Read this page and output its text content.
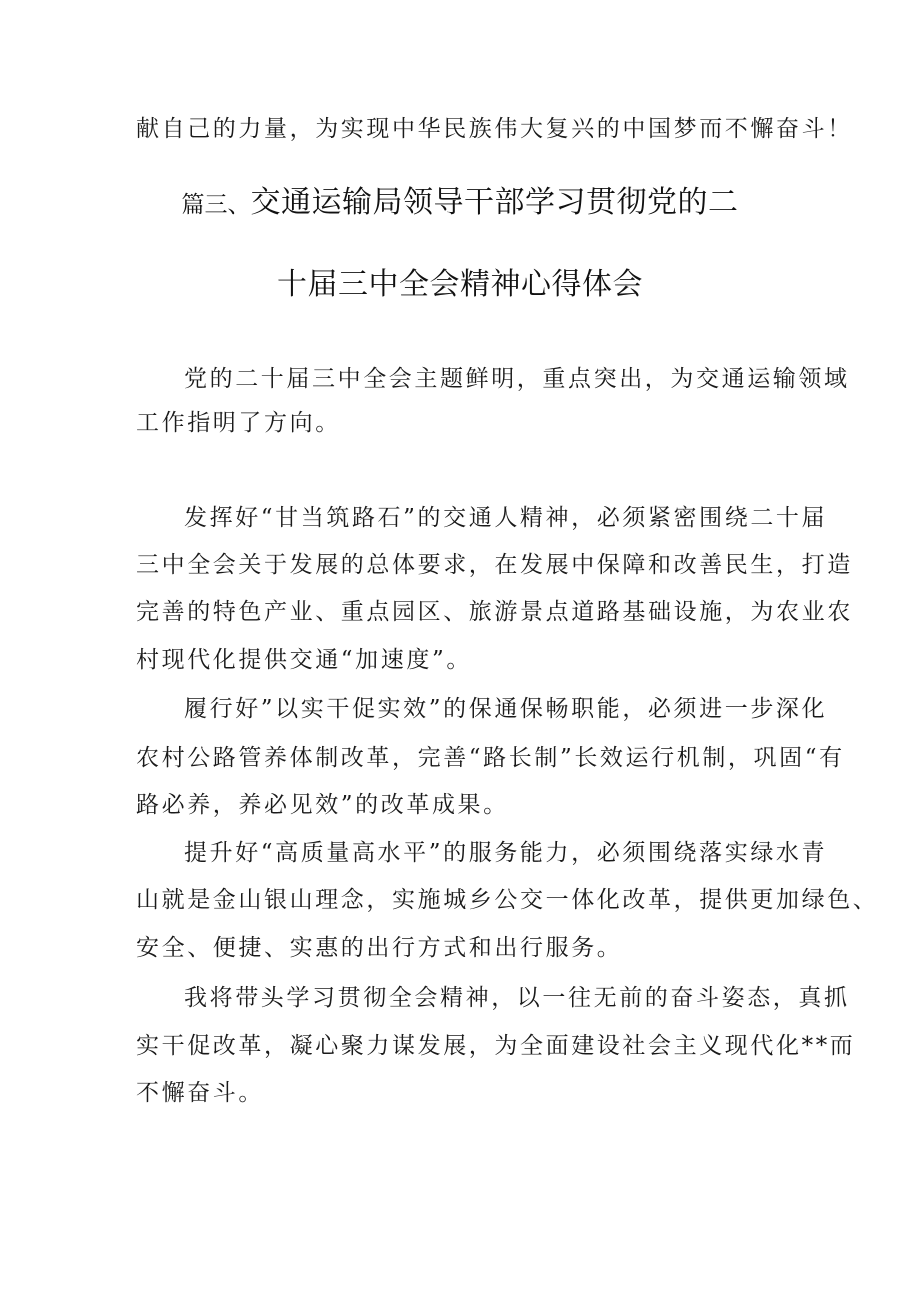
献自己的力量，为实现中华民族伟大复兴的中国梦而不懈奋斗！
篇三、交通运输局领导干部学习贯彻党的二
十届三中全会精神心得体会
党的二十届三中全会主题鲜明，重点突出，为交通运输领域
工作指明了方向。
发挥好“甘当筑路石”的交通人精神，必须紧密围绕二十届
三中全会关于发展的总体要求，在发展中保障和改善民生，打造
完善的特色产业、重点园区、旅游景点道路基础设施，为农业农
村现代化提供交通“加速度”。
履行好”以实干促实效”的保通保畅职能，必须进一步深化
农村公路管养体制改革，完善“路长制”长效运行机制，巩固“有
路必养，养必见效”的改革成果。
提升好“高质量高水平”的服务能力，必须围绕落实绿水青
山就是金山银山理念，实施城乡公交一体化改革，提供更加绿色、
安全、便捷、实惠的出行方式和出行服务。
我将带头学习贯彻全会精神，以一往无前的奋斗姿态，真抓
实干促改革，凝心聚力谋发展，为全面建设社会主义现代化**而
不懈奋斗。
